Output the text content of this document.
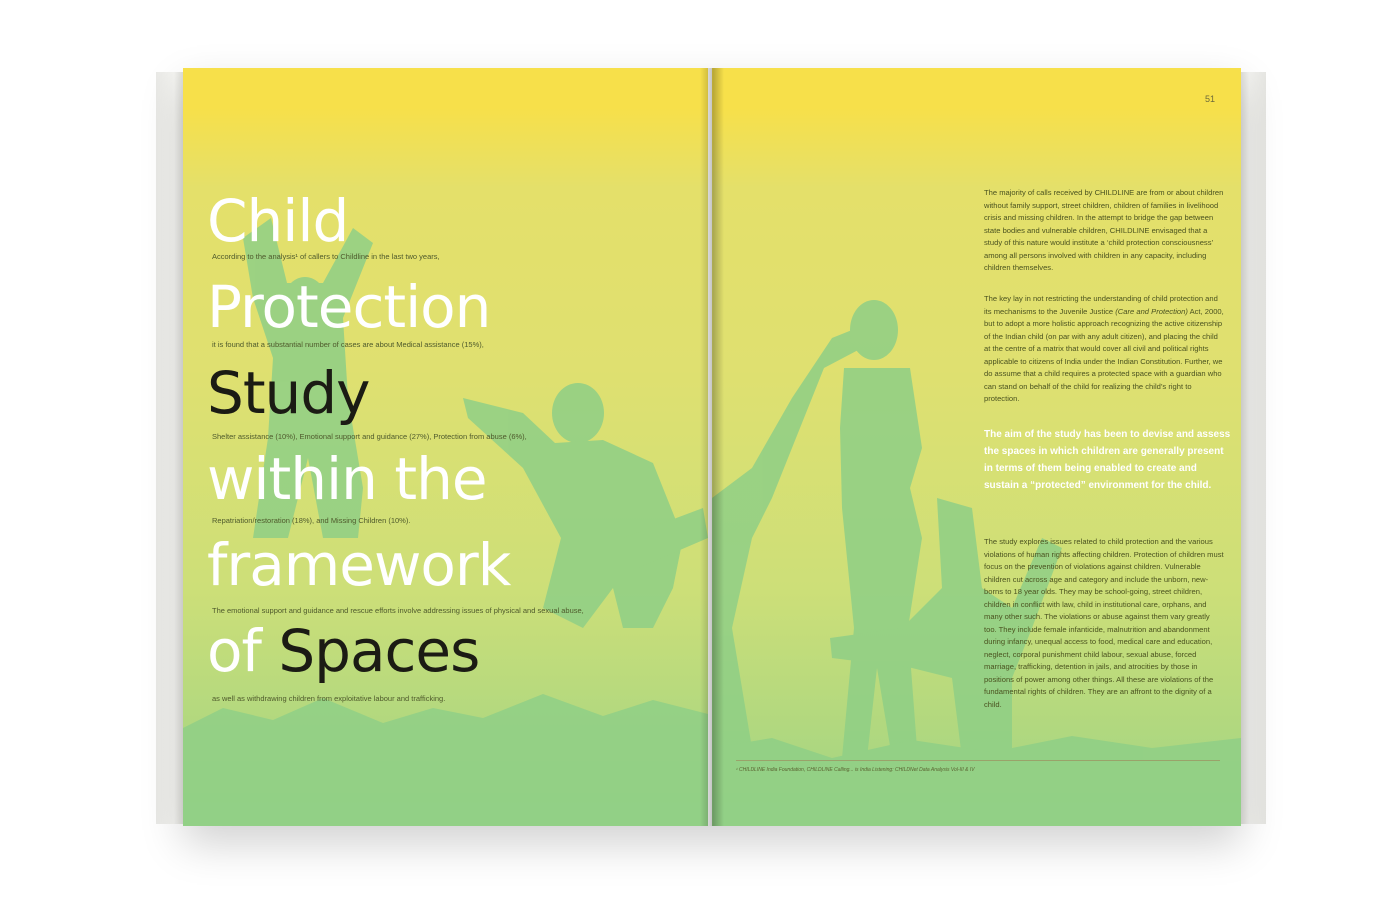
Child
Protection
Study
within the
framework
of Spaces
According to the analysis¹ of callers to Childline in the last two years,
it is found that a substantial number of cases are about Medical assistance (15%),
Shelter assistance (10%), Emotional support and guidance (27%), Protection from abuse (6%),
Repatriation/restoration (18%), and Missing Children (10%).
The emotional support and guidance and rescue efforts involve addressing issues of physical and sexual abuse,
as well as withdrawing children from exploitative labour and trafficking.
51

The majority of calls received by CHILDLINE are from or about children without family support, street children, children of families in livelihood crisis and missing children. In the attempt to bridge the gap between state bodies and vulnerable children, CHILDLINE envisaged that a study of this nature would institute a ‘child protection consciousness’ among all persons involved with children in any capacity, including children themselves.

The key lay in not restricting the understanding of child protection and its mechanisms to the Juvenile Justice (Care and Protection) Act, 2000, but to adopt a more holistic approach recognizing the active citizenship of the Indian child (on par with any adult citizen), and placing the child at the centre of a matrix that would cover all civil and political rights applicable to citizens of India under the Indian Constitution. Further, we do assume that a child requires a protected space with a guardian who can stand on behalf of the child for realizing the child’s right to protection.

The aim of the study has been to devise and assess the spaces in which children are generally present in terms of them being enabled to create and sustain a “protected” environment for the child.

The study explores issues related to child protection and the various violations of human rights affecting children. Protection of children must focus on the prevention of violations against children. Vulnerable children cut across age and category and include the unborn, new-borns to 18 year olds. They may be school-going, street children, children in conflict with law, child in institutional care, orphans, and many other such. The violations or abuse against them vary greatly too. They include female infanticide, malnutrition and abandonment during infancy, unequal access to food, medical care and education, neglect, corporal punishment child labour, sexual abuse, forced marriage, trafficking, detention in jails, and atrocities by those in positions of power among other things. All these are violations of the fundamental rights of children. They are an affront to the dignity of a child.

¹ CHILDLINE India Foundation, CHILDLINE Calling... is India Listening: CHILDNet Data Analysis Vol-III & IV
